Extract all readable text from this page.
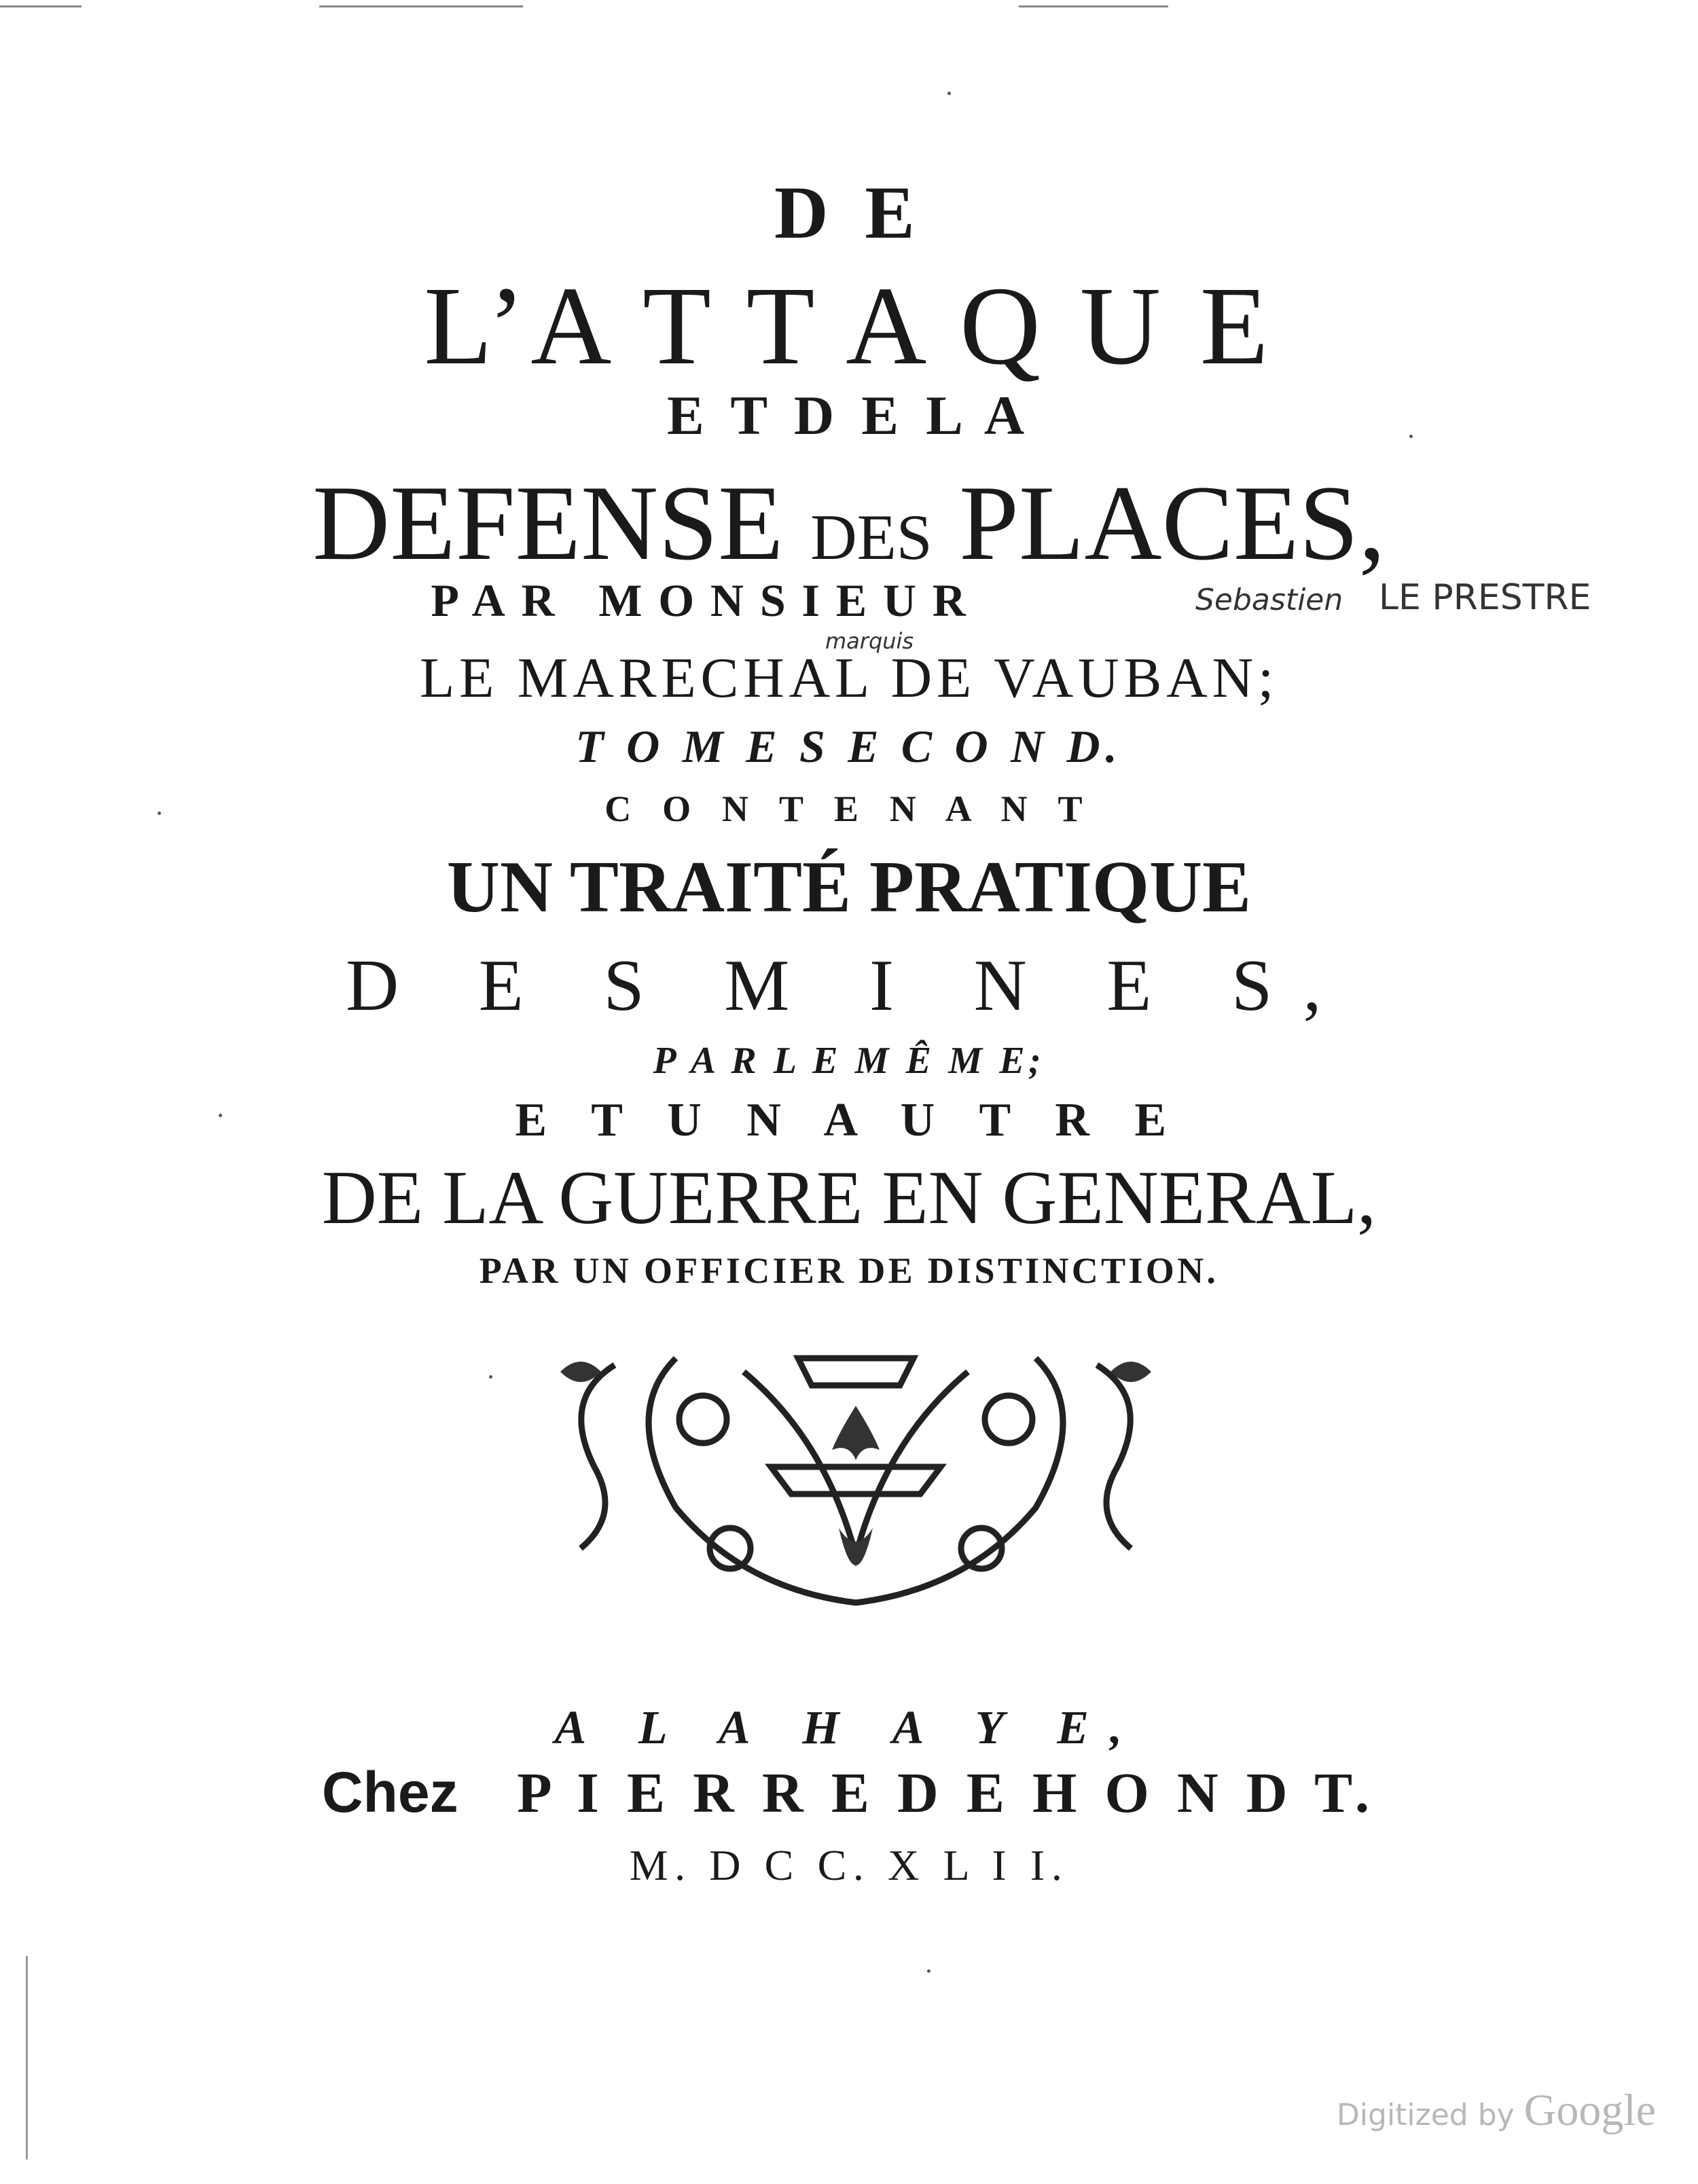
D E
L’A T T A Q U E
E T D E L A
DEFENSE DES PLACES,
PAR MONSIEUR	Sebastien LE PRESTRE
marquis
LE MARECHAL DE VAUBAN;
T O M E S E C O N D.
C O N T E N A N T
UN TRAITÉ PRATIQUE
D E S M I N E S,
P A R L E M Ê M E;
E T U N A U T R E
DE LA GUERRE EN GENERAL,
PAR UN OFFICIER DE DISTINCTION.
A L A H A Y E,
Chez P I E R R E D E H O N D T.
M. D C C. X L I I.
Digitized by Google
